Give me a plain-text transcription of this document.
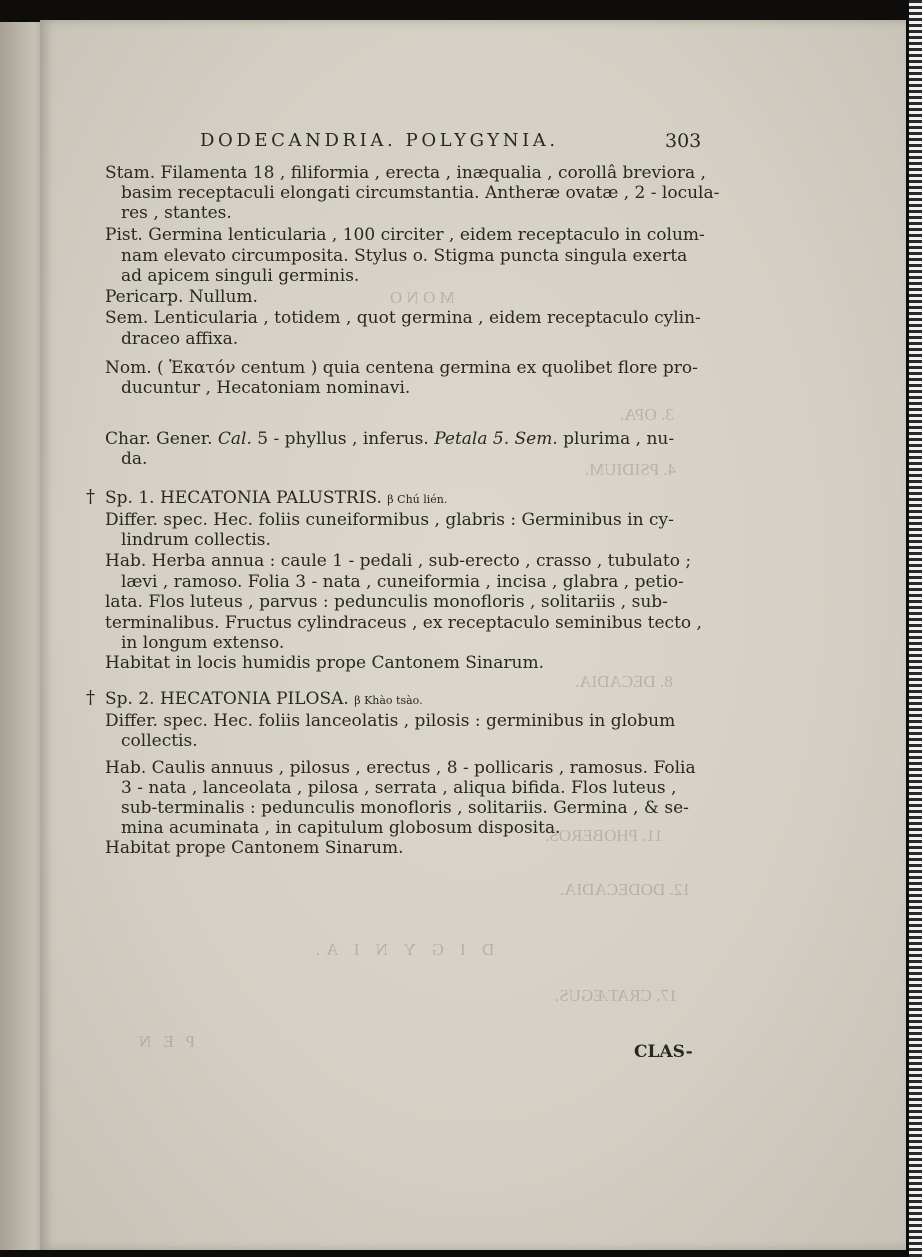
M O N O
3. OPA.
4. PSIDIUM.
8. DECADIA.
11. PHOBEROS.
12. DODECADIA.
D I G Y N I A.
17. CRATÆGUS.
P E N
DODECANDRIA. POLYGYNIA.	303
Stam. Filamenta 18 , filiformia , erecta , inæqualia , corollâ breviora ,
basim receptaculi elongati circumstantia. Antheræ ovatæ , 2 - locula-
res , stantes.
Pist. Germina lenticularia , 100 circiter , eidem receptaculo in colum-
nam elevato circumposita. Stylus o. Stigma puncta singula exerta
ad apicem singuli germinis.
Pericarp. Nullum.
Sem. Lenticularia , totidem , quot germina , eidem receptaculo cylin-
draceo affixa.
Nom. ( Ἑκατόν centum ) quia centena germina ex quolibet flore pro-
ducuntur , Hecatoniam nominavi.
Char. Gener. Cal. 5 - phyllus , inferus. Petala 5. Sem. plurima , nu-
da.
† Sp. 1. HECATONIA PALUSTRIS. β Chú lién.
Differ. spec. Hec. foliis cuneiformibus , glabris : Germinibus in cy-
lindrum collectis.
Hab. Herba annua : caule 1 - pedali , sub-erecto , crasso , tubulato ;
lævi , ramoso. Folia 3 - nata , cuneiformia , incisa , glabra , petio-
lata. Flos luteus , parvus : pedunculis monofloris , solitariis , sub-
terminalibus. Fructus cylindraceus , ex receptaculo seminibus tecto ,
in longum extenso.
Habitat in locis humidis prope Cantonem Sinarum.
† Sp. 2. HECATONIA PILOSA. β Khào tsào.
Differ. spec. Hec. foliis lanceolatis , pilosis : germinibus in globum
collectis.
Hab. Caulis annuus , pilosus , erectus , 8 - pollicaris , ramosus. Folia
3 - nata , lanceolata , pilosa , serrata , aliqua bifida. Flos luteus ,
sub-terminalis : pedunculis monofloris , solitariis. Germina , & se-
mina acuminata , in capitulum globosum disposita.
Habitat prope Cantonem Sinarum.
CLAS-
